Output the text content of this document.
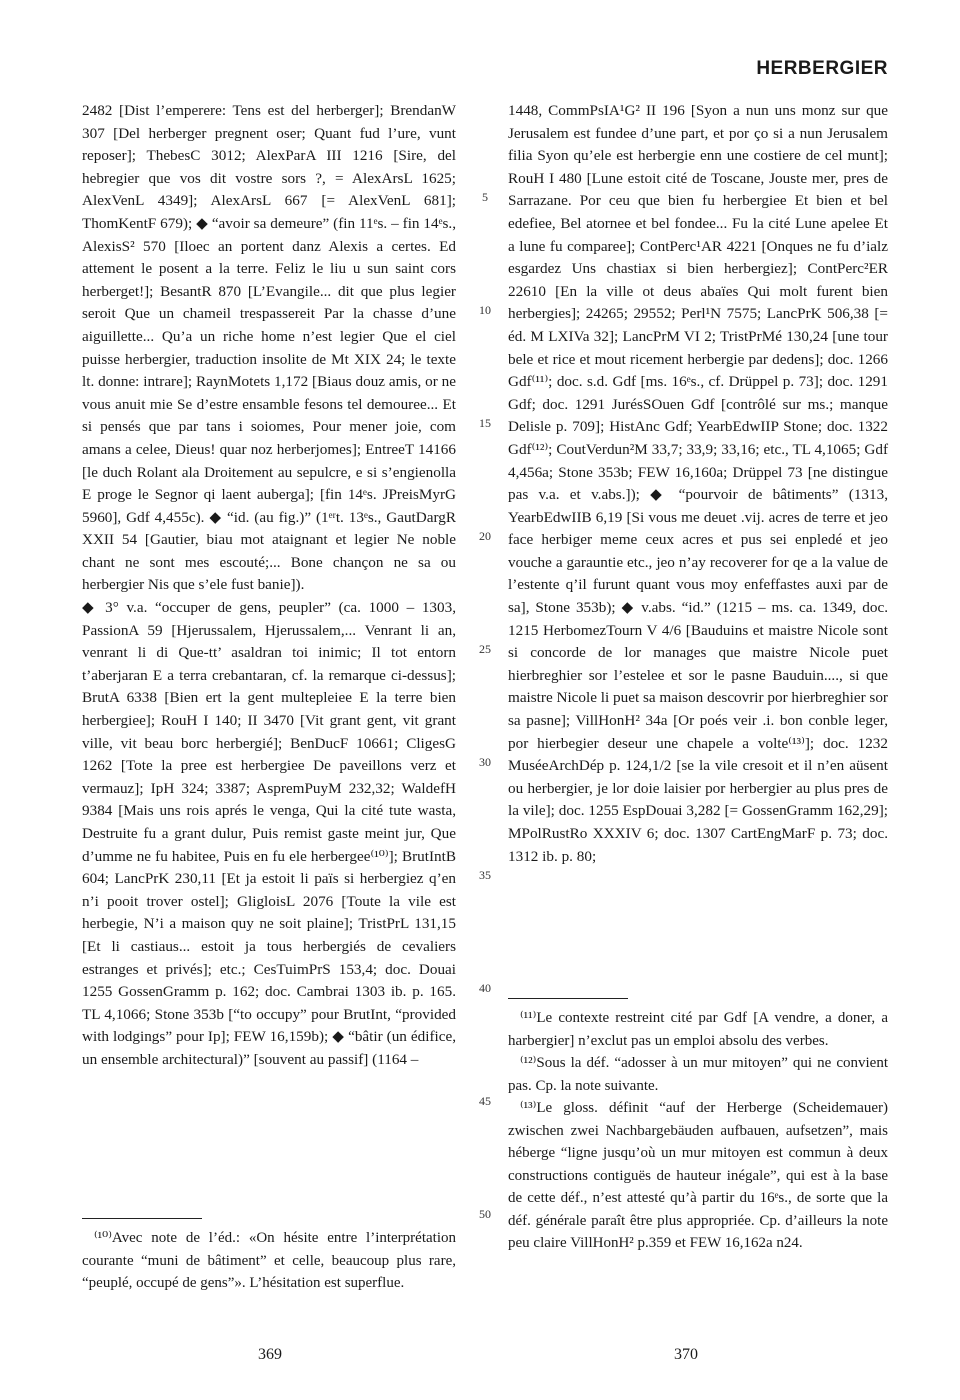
HERBERGIER

2482 [Dist l’emperere: Tens est del herberger]; BrendanW 307 [Del herberger pregnent oser; Quant fud l’ure, vunt reposer]; ThebesC 3012; AlexParA III 1216 [Sire, del hebregier que vos dit vostre sors ?, = AlexArsL 1625; AlexVenL 4349]; AlexArsL 667 [= AlexVenL 681]; ThomKentF 679); ◆ “avoir sa demeure” (fin 11ᵉs. – fin 14ᵉs., AlexisS² 570 [Iloec an portent danz Alexis a certes. Ed attement le posent a la terre. Feliz le liu u sun saint cors herberget!]; BesantR 870 [L’Evangile... dit que plus legier seroit Que un chameil trespassereit Par la chasse d’une aiguillette... Qu’a un riche home n’est legier Que el ciel puisse herbergier, traduction insolite de Mt XIX 24; le texte lt. donne: intrare]; RaynMotets 1,172 [Biaus douz amis, or ne vous anuit mie Se d’estre ensamble fesons tel demouree... Et si pensés que par tans i soiomes, Pour mener joie, com amans a celee, Dieus! quar noz herberjomes]; EntreeT 14166 [le duch Rolant ala Droitement au sepulcre, e si s’engienolla E proge le Segnor qi laent auberga]; [fin 14ᵉs. JPreisMyrG 5960], Gdf 4,455c). ◆ “id. (au fig.)” (1ᵉʳt. 13ᵉs., GautDargR XXII 54 [Gautier, biau mot ataignant et legier Ne noble chant ne sont mes escouté;... Bone chançon ne sa ou herbergier Nis que s’ele fust banie]).

◆ 3° v.a. “occuper de gens, peupler” (ca. 1000 – 1303, PassionA 59 [Hjerussalem, Hjerussalem,... Venrant li an, venrant li di Que-tt’ asaldran toi inimic; Il tot entorn t’aberjaran E a terra crebantaran, cf. la remarque ci-dessus]; BrutA 6338 [Bien ert la gent multepleiee E la terre bien herbergiee]; RouH I 140; II 3470 [Vit grant gent, vit grant ville, vit beau borc herbergié]; BenDucF 10661; CligesG 1262 [Tote la pree est herbergiee De paveillons verz et vermauz]; IpH 324; 3387; AspremPuyM 232,32; WaldefH 9384 [Mais uns rois aprés le venga, Qui la cité tute wasta, Destruite fu a grant dulur, Puis remist gaste meint jur, Que d’umme ne fu habitee, Puis en fu ele herbergee⁽¹⁰⁾]; BrutIntB 604; LancPrK 230,11 [Et ja estoit li païs si herbergiez q’en n’i pooit trover ostel]; GligloisL 2076 [Toute la vile est herbegie, N’i a maison quy ne soit plaine]; TristPrL 131,15 [Et li castiaus... estoit ja tous herbergiés de cevaliers estranges et privés]; etc.; CesTuimPrS 153,4; doc. Douai 1255 GossenGramm p. 162; doc. Cambrai 1303 ib. p. 165. TL 4,1066; Stone 353b [“to occupy” pour BrutInt, “provided with lodgings” pour Ip]; FEW 16,159b); ◆ “bâtir (un édifice, un ensemble architectural)” [souvent au passif] (1164 –

1448, CommPsIA¹G² II 196 [Syon a nun uns monz sur que Jerusalem est fundee d’une part, et por ço si a nun Jerusalem filia Syon qu’ele est herbergie enn une costiere de cel munt]; RouH I 480 [Lune estoit cité de Toscane, Jouste mer, pres de Sarrazane. Por ceu que bien fu herbergiee Et bien et bel edefiee, Bel atornee et bel fondee... Fu la cité Lune apelee Et a lune fu comparee]; ContPerc¹AR 4221 [Onques ne fu d’ialz esgardez Uns chastiax si bien herbergiez]; ContPerc²ER 22610 [En la ville ot deus abaïes Qui molt furent bien herbergies]; 24265; 29552; Perl¹N 7575; LancPrK 506,38 [= éd. M LXIVa 32]; LancPrM VI 2; TristPrMé 130,24 [une tour bele et rice et mout ricement herbergie par dedens]; doc. 1266 Gdf⁽¹¹⁾; doc. s.d. Gdf [ms. 16ᵉs., cf. Drüppel p. 73]; doc. 1291 Gdf; doc. 1291 JurésSOuen Gdf [contrôlé sur ms.; manque Delisle p. 709]; HistAnc Gdf; YearbEdwIIP Stone; doc. 1322 Gdf⁽¹²⁾; CoutVerdun²M 33,7; 33,9; 33,16; etc., TL 4,1065; Gdf 4,456a; Stone 353b; FEW 16,160a; Drüppel 73 [ne distingue pas v.a. et v.abs.]); ◆ “pourvoir de bâtiments” (1313, YearbEdwIIB 6,19 [Si vous me deuet .vij. acres de terre et jeo face herbiger meme ceux acres et pus sei enpledé et jeo vouche a garauntie etc., jeo n’ay recoverer for qe a la value de l’estente q’il furunt quant vous moy enfeffastes auxi par de sa], Stone 353b); ◆ v.abs. “id.” (1215 – ms. ca. 1349, doc. 1215 HerbomezTourn V 4/6 [Bauduins et maistre Nicole sont si concorde de lor manages que maistre Nicole puet hierbreghier sor l’estelee et sor le pasne Bauduin...., si que maistre Nicole li puet sa maison descovrir por hierbreghier sor sa pasne]; VillHonH² 34a [Or poés veir .i. bon conble leger, por hierbegier deseur une chapele a volte⁽¹³⁾]; doc. 1232 MuséeArchDép p. 124,1/2 [se la vile cresoit et il n’en aüsent ou herbergier, je lor doie laisier por herbergier au plus pres de la vile]; doc. 1255 EspDouai 3,282 [= GossenGramm 162,29]; MPolRustRo XXXIV 6; doc. 1307 CartEngMarF p. 73; doc. 1312 ib. p. 80;

5
10
15
20
25
30
35
40
45
50

⁽¹⁰⁾Avec note de l’éd.: «On hésite entre l’interprétation courante “muni de bâtiment” et celle, beaucoup plus rare, “peuplé, occupé de gens”». L’hésitation est superflue.

⁽¹¹⁾Le contexte restreint cité par Gdf [A vendre, a doner, a harbergier] n’exclut pas un emploi absolu des verbes.

⁽¹²⁾Sous la déf. “adosser à un mur mitoyen” qui ne convient pas. Cp. la note suivante.

⁽¹³⁾Le gloss. définit “auf der Herberge (Scheidemauer) zwischen zwei Nachbargebäuden aufbauen, aufsetzen”, mais héberge “ligne jusqu’où un mur mitoyen est commun à deux constructions contiguës de hauteur inégale”, qui est à la base de cette déf., n’est attesté qu’à partir du 16ᵉs., de sorte que la déf. générale paraît être plus appropriée. Cp. d’ailleurs la note peu claire VillHonH² p.359 et FEW 16,162a n24.

369	370
